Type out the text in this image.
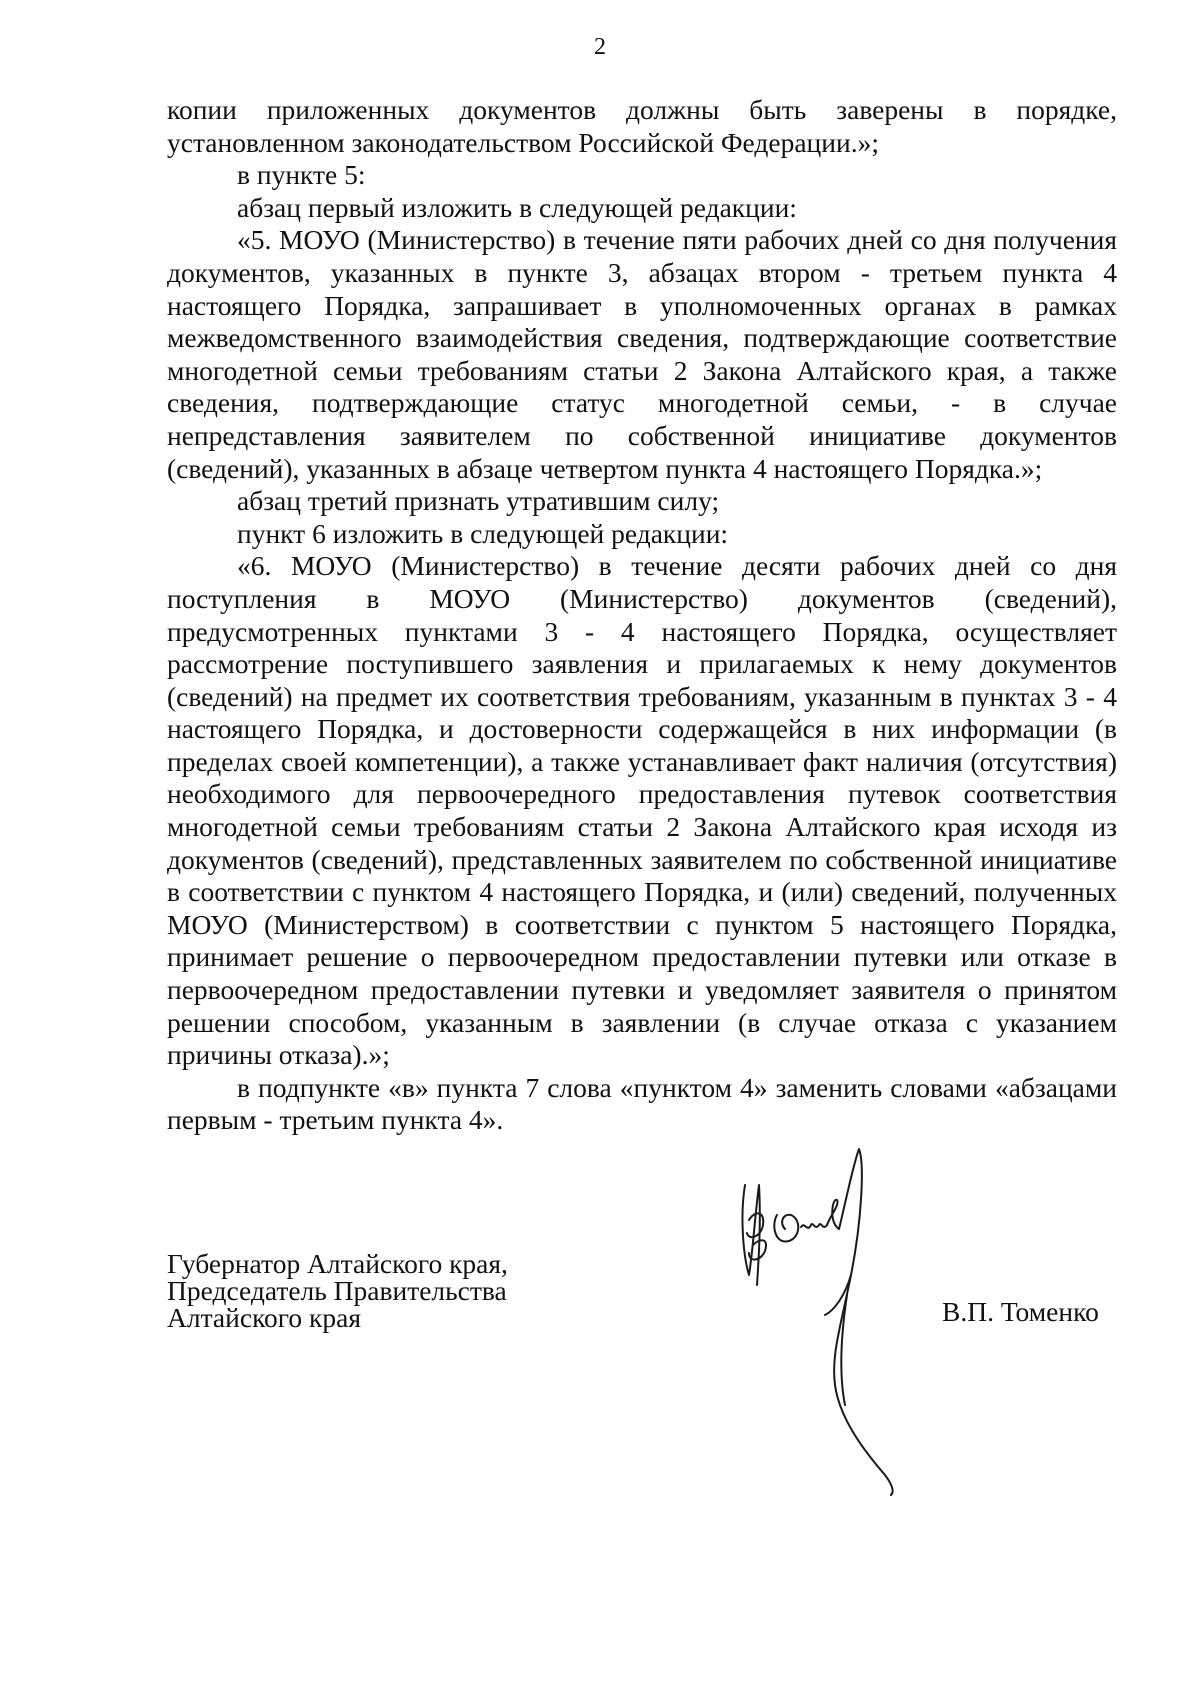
2

копии приложенных документов должны быть заверены в порядке, установленном законодательством Российской Федерации.»;

в пункте 5:

абзац первый изложить в следующей редакции:

«5. МОУО (Министерство) в течение пяти рабочих дней со дня получения документов, указанных в пункте 3, абзацах втором - третьем пункта 4 настоящего Порядка, запрашивает в уполномоченных органах в рамках межведомственного взаимодействия сведения, подтверждающие соответствие многодетной семьи требованиям статьи 2 Закона Алтайского края, а также сведения, подтверждающие статус многодетной семьи, - в случае непредставления заявителем по собственной инициативе документов (сведений), указанных в абзаце четвертом пункта 4 настоящего Порядка.»;

абзац третий признать утратившим силу;

пункт 6 изложить в следующей редакции:

«6. МОУО (Министерство) в течение десяти рабочих дней со дня поступления в МОУО (Министерство) документов (сведений), предусмотренных пунктами 3 - 4 настоящего Порядка, осуществляет рассмотрение поступившего заявления и прилагаемых к нему документов (сведений) на предмет их соответствия требованиям, указанным в пунктах 3 - 4 настоящего Порядка, и достоверности содержащейся в них информации (в пределах своей компетенции), а также устанавливает факт наличия (отсутствия) необходимого для первоочередного предоставления путевок соответствия многодетной семьи требованиям статьи 2 Закона Алтайского края исходя из документов (сведений), представленных заявителем по собственной инициативе в соответствии с пунктом 4 настоящего Порядка, и (или) сведений, полученных МОУО (Министерством) в соответствии с пунктом 5 настоящего Порядка, принимает решение о первоочередном предоставлении путевки или отказе в первоочередном предоставлении путевки и уведомляет заявителя о принятом решении способом, указанным в заявлении (в случае отказа с указанием причины отказа).»;

в подпункте «в» пункта 7 слова «пунктом 4» заменить словами «абзацами первым - третьим пункта 4».

Губернатор Алтайского края,
Председатель Правительства
Алтайского края	В.П. Томенко
